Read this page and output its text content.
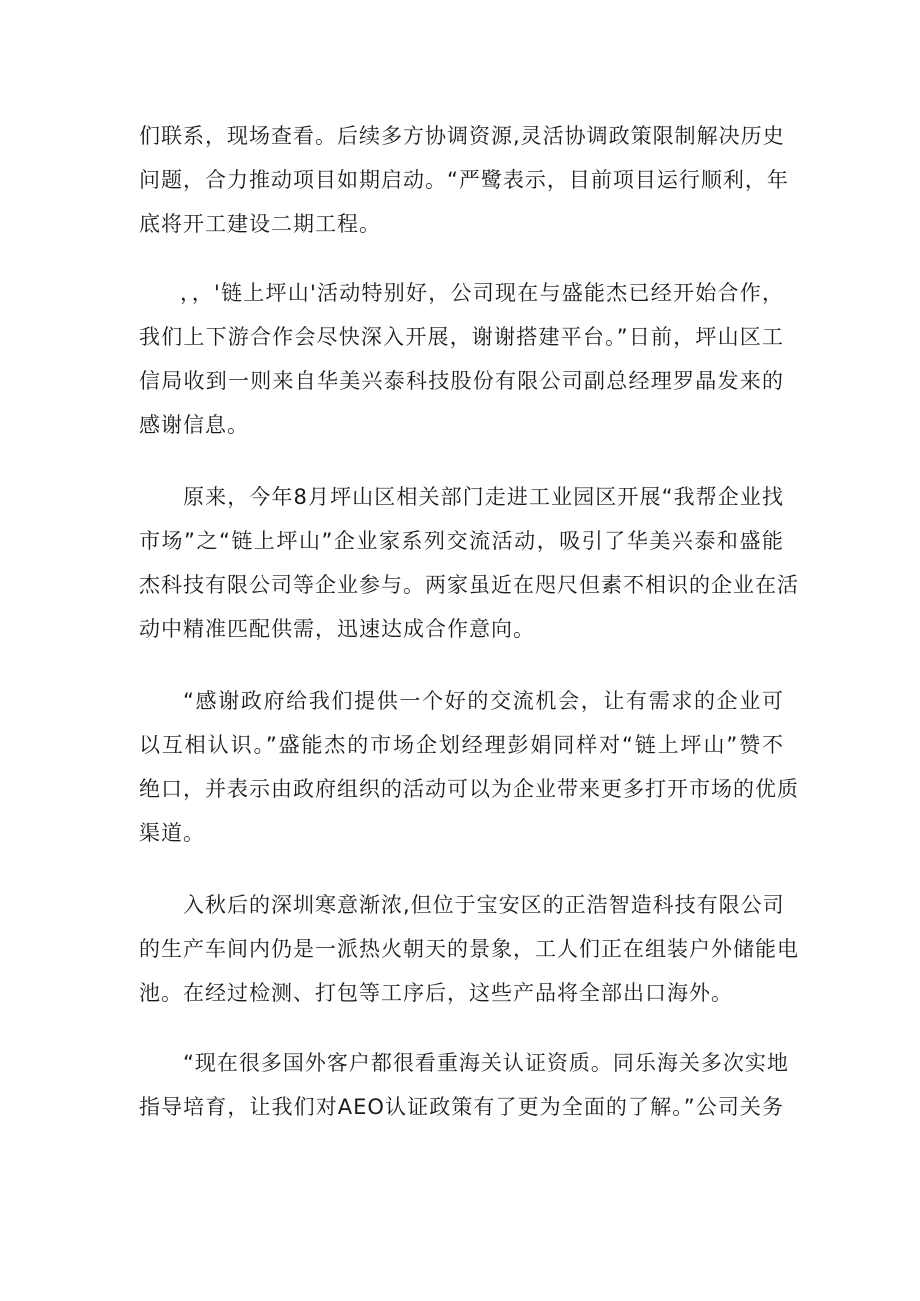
们联系，现场查看。后续多方协调资源,灵活协调政策限制解决历史
问题，合力推动项目如期启动。“严鹭表示，目前项目运行顺利，年
底将开工建设二期工程。
，，'链上坪山'活动特别好，公司现在与盛能杰已经开始合作，
我们上下游合作会尽快深入开展，谢谢搭建平台。”日前，坪山区工
信局收到一则来自华美兴泰科技股份有限公司副总经理罗晶发来的
感谢信息。
原来，今年8月坪山区相关部门走进工业园区开展“我帮企业找
市场”之“链上坪山”企业家系列交流活动，吸引了华美兴泰和盛能
杰科技有限公司等企业参与。两家虽近在咫尺但素不相识的企业在活
动中精准匹配供需，迅速达成合作意向。
“感谢政府给我们提供一个好的交流机会，让有需求的企业可
以互相认识。”盛能杰的市场企划经理彭娟同样对“链上坪山”赞不
绝口，并表示由政府组织的活动可以为企业带来更多打开市场的优质
渠道。
入秋后的深圳寒意渐浓,但位于宝安区的正浩智造科技有限公司
的生产车间内仍是一派热火朝天的景象，工人们正在组装户外储能电
池。在经过检测、打包等工序后，这些产品将全部出口海外。
“现在很多国外客户都很看重海关认证资质。同乐海关多次实地
指导培育，让我们对AEO认证政策有了更为全面的了解。”公司关务
